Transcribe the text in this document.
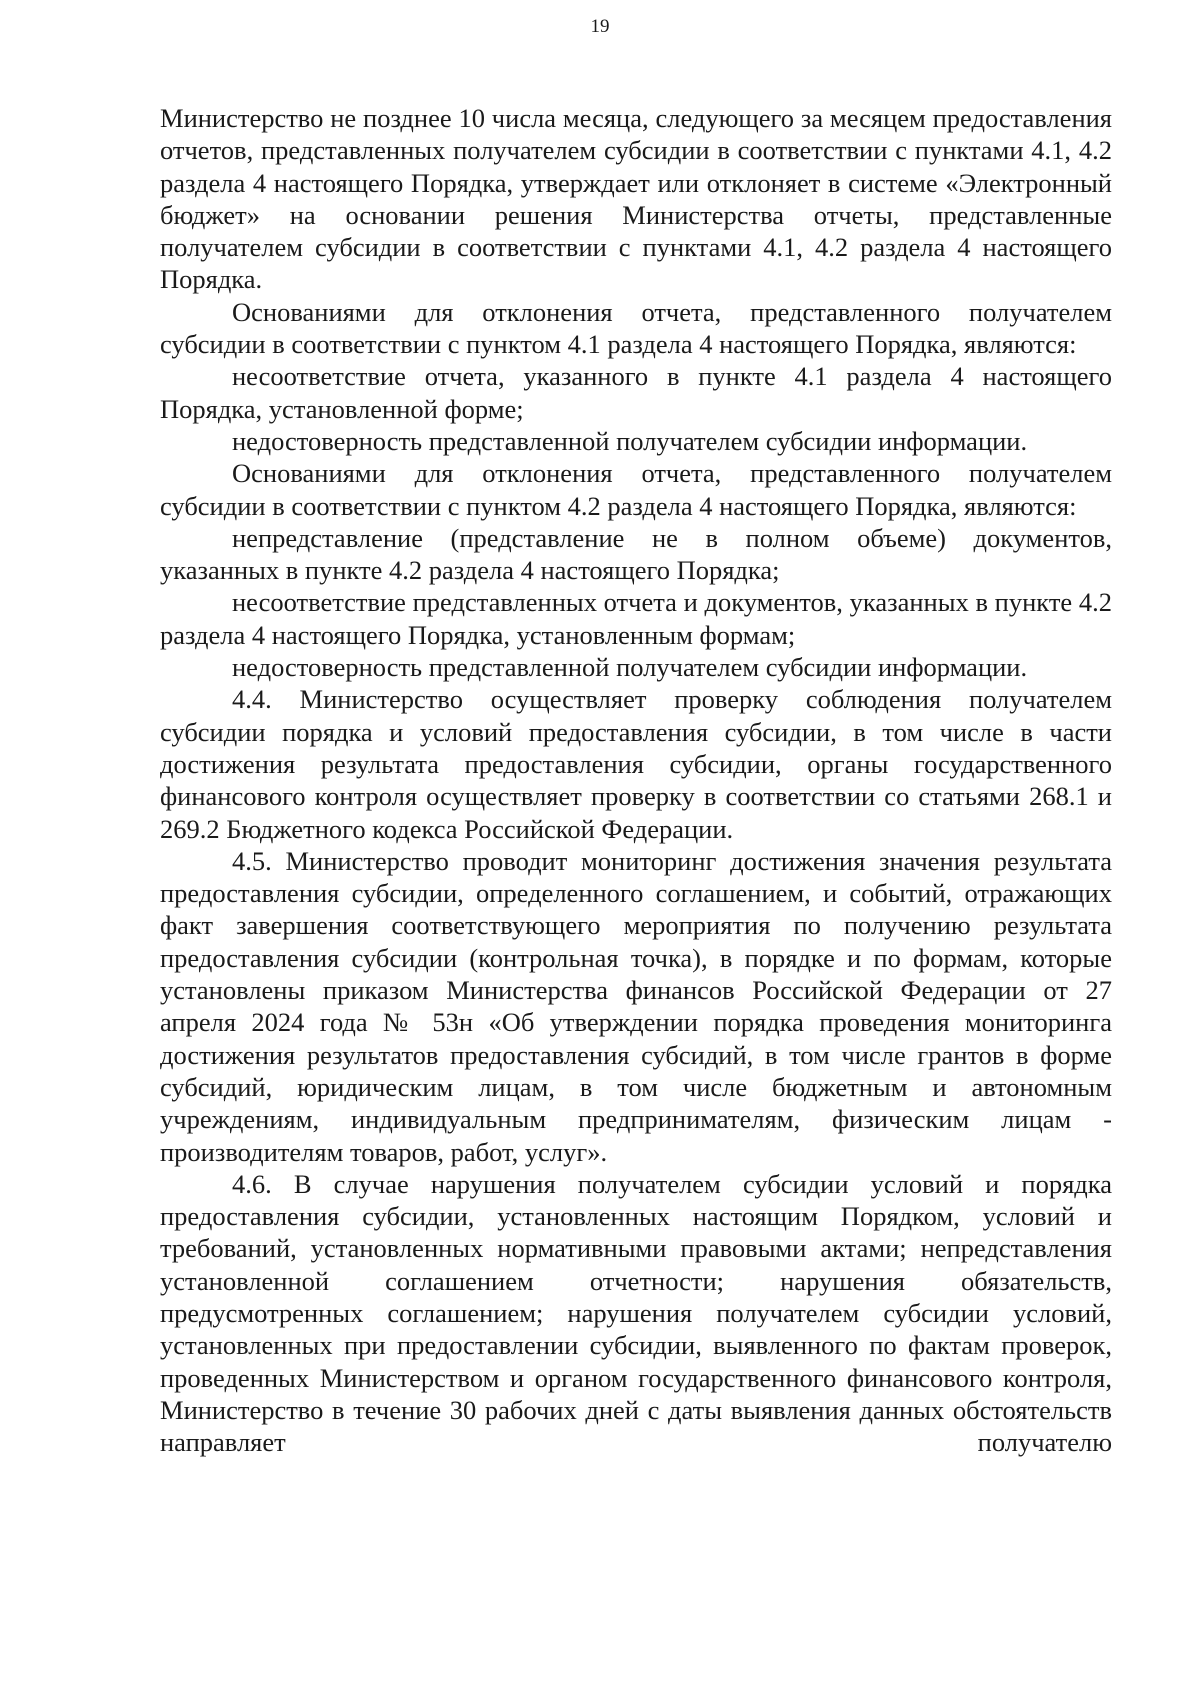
19

Министерство не позднее 10 числа месяца, следующего за месяцем предоставления отчетов, представленных получателем субсидии в соответствии с пунктами 4.1, 4.2 раздела 4 настоящего Порядка, утверждает или отклоняет в системе «Электронный бюджет» на основании решения Министерства отчеты, представленные получателем субсидии в соответствии с пунктами 4.1, 4.2 раздела 4 настоящего Порядка.

Основаниями для отклонения отчета, представленного получателем субсидии в соответствии с пунктом 4.1 раздела 4 настоящего Порядка, являются:

несоответствие отчета, указанного в пункте 4.1 раздела 4 настоящего Порядка, установленной форме;

недостоверность представленной получателем субсидии информации.

Основаниями для отклонения отчета, представленного получателем субсидии в соответствии с пунктом 4.2 раздела 4 настоящего Порядка, являются:

непредставление (представление не в полном объеме) документов, указанных в пункте 4.2 раздела 4 настоящего Порядка;

несоответствие представленных отчета и документов, указанных в пункте 4.2 раздела 4 настоящего Порядка, установленным формам;

недостоверность представленной получателем субсидии информации.

4.4. Министерство осуществляет проверку соблюдения получателем субсидии порядка и условий предоставления субсидии, в том числе в части достижения результата предоставления субсидии, органы государственного финансового контроля осуществляет проверку в соответствии со статьями 268.1 и 269.2 Бюджетного кодекса Российской Федерации.

4.5. Министерство проводит мониторинг достижения значения результата предоставления субсидии, определенного соглашением, и событий, отражающих факт завершения соответствующего мероприятия по получению результата предоставления субсидии (контрольная точка), в порядке и по формам, которые установлены приказом Министерства финансов Российской Федерации от 27 апреля 2024 года № 53н «Об утверждении порядка проведения мониторинга достижения результатов предоставления субсидий, в том числе грантов в форме субсидий, юридическим лицам, в том числе бюджетным и автономным учреждениям, индивидуальным предпринимателям, физическим лицам - производителям товаров, работ, услуг».

4.6. В случае нарушения получателем субсидии условий и порядка предоставления субсидии, установленных настоящим Порядком, условий и требований, установленных нормативными правовыми актами; непредставления установленной соглашением отчетности; нарушения обязательств, предусмотренных соглашением; нарушения получателем субсидии условий, установленных при предоставлении субсидии, выявленного по фактам проверок, проведенных Министерством и органом государственного финансового контроля, Министерство в течение 30 рабочих дней с даты выявления данных обстоятельств направляет получателю
